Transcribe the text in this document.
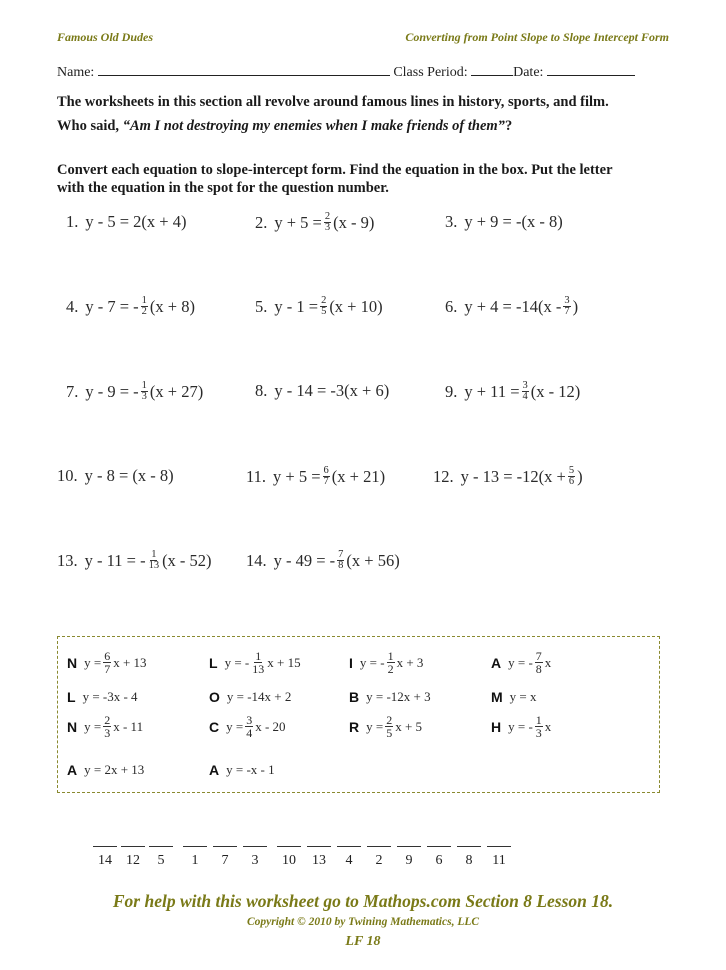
Famous Old Dudes	Converting from Point Slope to Slope Intercept Form
Name:	Class Period:	Date:
The worksheets in this section all revolve around famous lines in history, sports, and film.
Who said, “Am I not destroying my enemies when I make friends of them”?
Convert each equation to slope-intercept form. Find the equation in the box. Put the letter
with the equation in the spot for the question number.
1. y - 5 = 2(x + 4)	2. $y + 5 = \frac{2}{3} (x - 9)$	3. y + 9 = -(x - 8)
4. y - 7 = - $\frac{1}{2} (x + 8)$	5. $y - 1 = \frac{2}{5} (x + 10)$	6. $y + 4 = -14(x - \frac{3}{7}$ )
7. y - 9 = - $\frac{1}{3} (x + 27)$	8. y - 14 = -3(x + 6)	9. $y + 11 = \frac{3}{4} (x - 12)$
10. y - 8 = (x - 8)	11. $y + 5 = \frac{6}{7} (x + 21)$	12. $y - 13 = -12(x + \frac{5}{6}$ )
13. y - 11 = - $\frac{1}{13} (x - 52)$ 14. y - 49 = - $\frac{7}{8} (x + 56)$
N $y = \frac{6}{7}$ x + 13	L y = - $\frac{1}{13}$ x + 15	I y = - $\frac{1}{2}$ x + 3	A y = - $\frac{7}{8}$ x
L y = -3x - 4	O y = -14x + 2	B y = -12x + 3	M y = x
N $y = \frac{2}{3}$ x - 11	C $y = \frac{3}{4}$ x - 20	R $y = \frac{2}{5}$ x + 5	H y = - $\frac{1}{3}$ x
A y = 2x + 13	A y = -x - 1
14	12	5	1	7	3	10	13	4	2	9	6	8	11
For help with this worksheet go to Mathops.com Section 8 Lesson 18.
Copyright © 2010 by Twining Mathematics, LLC
LF 18
